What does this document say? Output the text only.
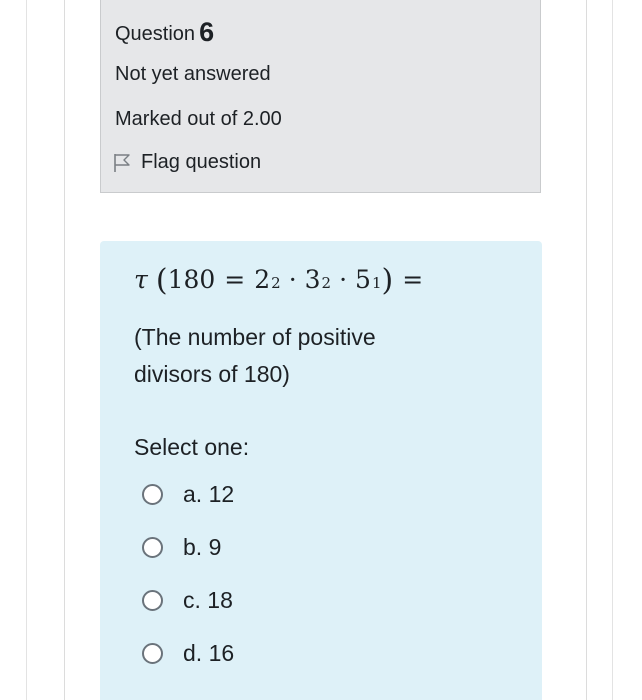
Question 6
Not yet answered
Marked out of 2.00
Flag question
τ ( 180 = 2 2 · 3 2 · 5 1 ) =
(The number of positive divisors of 180)
Select one:
a. 12
b. 9
c. 18
d. 16
